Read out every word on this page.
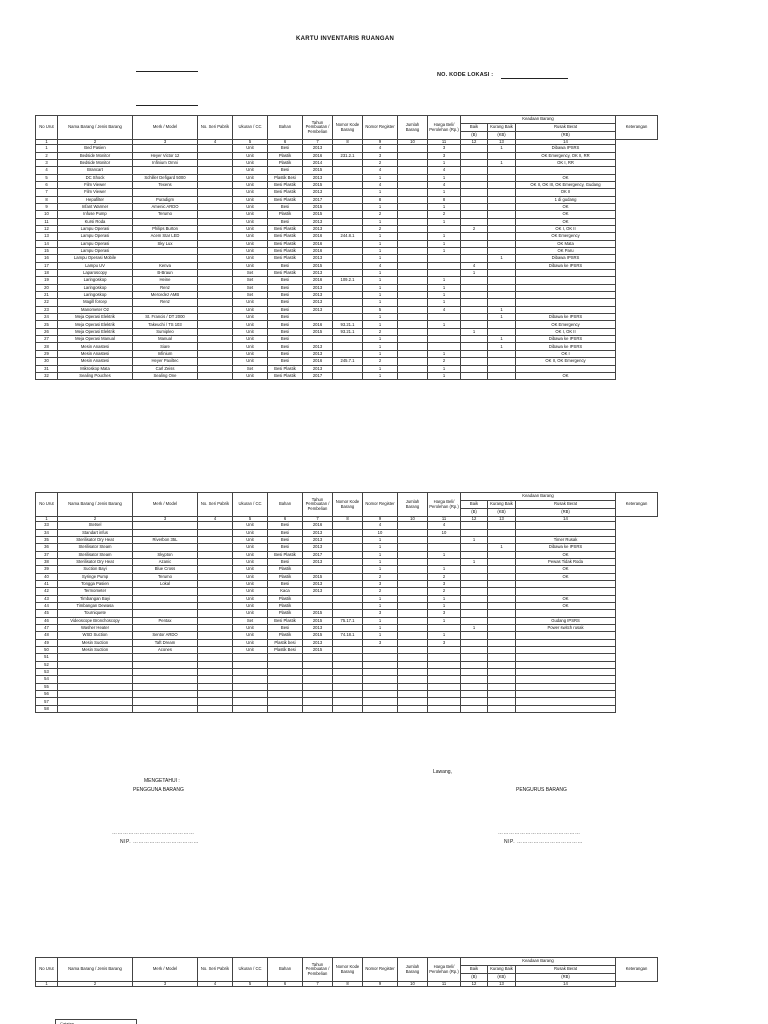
KARTU INVENTARIS RUANGAN
NO. KODE LOKASI :
No Urut	Nama Barang / Jenis Barang	Merk / Model	No. Seri Pabrik	Ukuran / CC	Bahan	Tahun Pembuatan / Pembelian	Nomor Kode Barang	Nomor Register	Jumlah Barang	Harga Beli/ Perolehan (Rp.)	Keadaan Barang			Keterangan
											Baik	Kurang Baik	Rusak Berat	
											(B)	(KB)	(RB)	
1	2	3	4	5	6	7	8	9	10	11	12	13	14	
1	Bed Pasien			Unit	Besi	2013		4		3		1	Dibawa IPSRS	
2	Bedside Monitor	Heyer Victor 12		Unit	Plastik	2016	231.2.1	3		3			OK Emergency, OK II, RR	
3	Bedside Monitor	Infinium Omni		Unit	Plastik	2014		2		1		1	OK I, RR	
4	Brancart			Unit	Besi	2015		4		4				
5	DC Shock	Schiller Defigard 5000		Unit	Plastik Besi	2013		1		1			OK	
6	Film Viewer	Texens		Unit	Besi Plastik	2015		4		4			OK II, OK III, OK Emergency, Gudang	
7	Film Viewer			Unit	Besi Plastik	2013		1		1			OK II	
8	Hepafilter	Puradigm		Unit	Besi Plastik	2017		8		8			1 di gudang	
9	Infant Warmer	Amenic ARDO		Unit	Besi	2015		1		1			OK	
10	Infuse Pump	Terumo		Unit	Plastik	2015		2		2			OK	
11	Kursi Roda			Unit	Besi	2013		1		1			OK	
12	Lampu Operasi	Philips Burton		Unit	Besi Plastik	2013		2			2		OK I, OK II	
13	Lampu Operasi	Acem Star LED		Unit	Besi Plastik	2016	244.8.1	1		1			OK Emergency	
14	Lampu Operasi	Sky Lux		Unit	Besi Plastik	2016		1		1			OK Mata	
15	Lampu Operasi			Unit	Besi Plastik	2016		1		1			OK Paru	
16	Lampu Operasi Mobile			Unit	Besi Plastik	2013		1				1	Dibawa IPSRS	
17	Lampu UV	Kenva		Unit	Besi	2015		4			4		Dibawa ke IPSRS	
18	Laparoscopy	B-Braun		Set	Besi Plastik	2013		1			1			
19	Laringoskop	Heine		Set	Besi	2016	109.2.1	1		1				
20	Laringoskop	Renz		Set	Besi	2013		1		1				
21	Laringoskop	Mercedez AMB		Set	Besi	2013		1		1				
22	Magill forcep	Renz		Unit	Besi	2013		1		1				
23	Manometer O2			Unit	Besi	2013		5		4		1		
24	Meja Operasi Elektrik	St. Francis / DT 2000		Unit	Besi			1				1	Dibawa ke IPSRS	
25	Meja Operasi Elektrik	Takeuchi / TS 103		Unit	Besi	2016	93.21.1	1		1			OK Emergency	
26	Meja Operasi Elektrik	Sumipleo		Unit	Besi	2015	93.21.1	2			1		OK I, OK II	
27	Meja Operasi Manual	Manual		Unit	Besi			1				1	Dibawa ke IPSRS	
28	Mesin Anastesi	Siare		Unit	Besi	2013		1				1	Dibawa ke IPSRS	
29	Mesin Anastesi	Infinium		Unit	Besi	2013		1		1			OK I	
30	Mesin Anastesi	Heyer Paxiltec		Unit	Besi	2016	245.7.1	2		2			OK II, OK Emergency	
31	Mikroskop Mata	Carl Zeiss		Set	Besi Plastik	2013		1		1				
32	Sealing Pouches	Sealing One		Unit	Besi Plastik	2017		1		1			OK	
No Urut	Nama Barang / Jenis Barang	Merk / Model	No. Seri Pabrik	Ukuran / CC	Bahan	Tahun Pembuatan / Pembelian	Nomor Kode Barang	Nomor Register	Jumlah Barang	Harga Beli/ Perolehan (Rp.)	Keadaan Barang			Keterangan
											Baik	Kurang Baik	Rusak Berat	
											(B)	(KB)	(RB)	
1	2	3	4	5	6	7	8	9	10	11	12	13	14	
33	Stetsel			Unit	Besi	2016		4		4				
34	Standart infus			Unit	Besi	2013		10		10				
35	Sterilisator Dry Heat	Riverbon 35L		Unit	Besi	2013		1			1		Timer Rusak	
36	Sterilisator Steam			Unit	Besi	2013		1				1	Dibawa ke IPSRS	
37	Sterilisator Steam	Skypton		Unit	Besi Plastik	2017		1		1			OK	
38	Sterilisator Dry Heat	Azanic		Unit	Besi	2013		1			1		Pewas Tidak Roda	
39	Suction Bayi	Blue Cross		Unit	Plastik			1		1			OK	
40	Syringe Pump	Terumo		Unit	Plastik	2015		2		2			OK	
41	Tongga Pasien	Lokal		Unit	Besi	2013		3		3				
42	Termometer			Unit	Kaca	2013		2		2				
43	Timbangan Bayi			Unit	Plastik			1		1			OK	
44	Timbangan Dewasa			Unit	Plastik			1		1			OK	
45	Tourniquete			Unit	Plastik	2015		3		3				
46	Videoscope Bronchoscopy	Pentax		Set	Besi Plastik	2015	75.17.1	1		1			Gudang IPSRS	
47	Washer Heater			Unit	Besi	2013		1			1		Power switch rusak	
48	WSD Suction	Sentor ARDO		Unit	Plastik	2015	74.18.1	1		1				
49	Mesin Suction	Taft Dream		Unit	Plastik besi	2013		3		3				
50	Mesin Suction	Acones		Unit	Plastik Besi	2015								
51														
52														
53														
54														
55														
56														
57														
58														
Lawang,
MENGETAHUI :
PENGGUNA BARANG	PENGURUS BARANG
………………………………………
NIP. ………………………………
………………………………………
NIP. ………………………………
No Urut	Nama Barang / Jenis Barang	Merk / Model	No. Seri Pabrik	Ukuran / CC	Bahan	Tahun Pembuatan / Pembelian	Nomor Kode Barang	Nomor Register	Jumlah Barang	Harga Beli/ Perolehan (Rp.)	Keadaan Barang			Keterangan
											Baik	Kurang Baik	Rusak Berat	
											(B)	(KB)	(RB)	
1	2	3	4	5	6	7	8	9	10	11	12	13	14	
Catatan
